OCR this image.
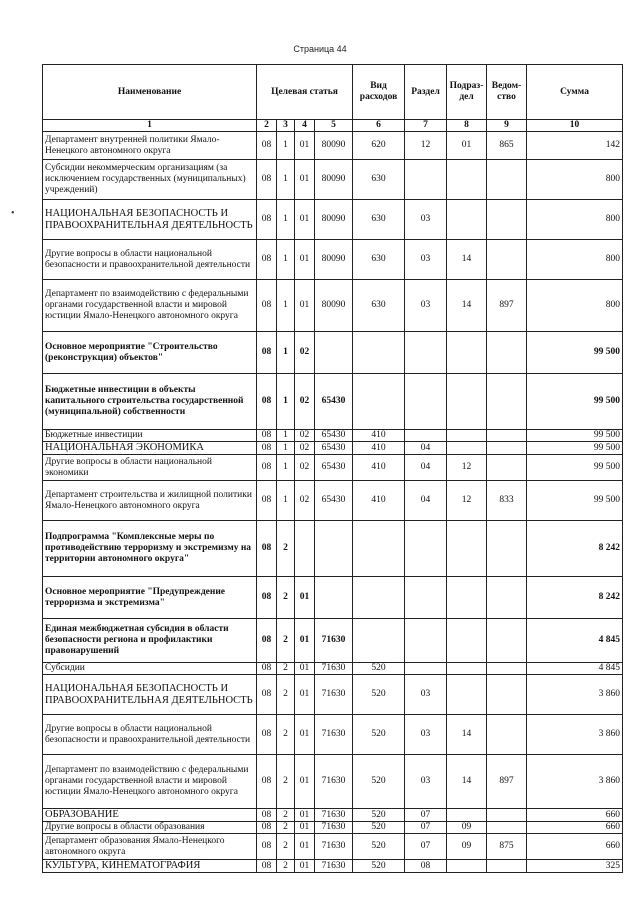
Страница 44
•
Наименование	Целевая статья				Вид расходов	Раздел	Подраз-дел	Ведом-ство	Сумма
1	2	3	4	5	6	7	8	9	10
Департамент внутренней политики Ямало-Ненецкого автономного округа	08	1	01	80090	620	12	01	865	142
Субсидии некоммерческим организациям (за исключением государственных (муниципальных) учреждений)	08	1	01	80090	630				800
НАЦИОНАЛЬНАЯ БЕЗОПАСНОСТЬ И ПРАВООХРАНИТЕЛЬНАЯ ДЕЯТЕЛЬНОСТЬ	08	1	01	80090	630	03			800
Другие вопросы в области национальной безопасности и правоохранительной деятельности	08	1	01	80090	630	03	14		800
Департамент по взаимодействию с федеральными органами государственной власти и мировой юстиции Ямало-Ненецкого автономного округа	08	1	01	80090	630	03	14	897	800
Основное мероприятие "Строительство (реконструкция) объектов"	08	1	02						99 500
Бюджетные инвестиции в объекты капитального строительства государственной (муниципальной) собственности	08	1	02	65430					99 500
Бюджетные инвестиции	08	1	02	65430	410				99 500
НАЦИОНАЛЬНАЯ ЭКОНОМИКА	08	1	02	65430	410	04			99 500
Другие вопросы в области национальной экономики	08	1	02	65430	410	04	12		99 500
Департамент строительства и жилищной политики Ямало-Ненецкого автономного округа	08	1	02	65430	410	04	12	833	99 500
Подпрограмма "Комплексные меры по противодействию терроризму и экстремизму на территории автономного округа"	08	2							8 242
Основное мероприятие "Предупреждение терроризма и экстремизма"	08	2	01						8 242
Единая межбюджетная субсидия в области безопасности региона и профилактики правонарушений	08	2	01	71630					4 845
Субсидии	08	2	01	71630	520				4 845
НАЦИОНАЛЬНАЯ БЕЗОПАСНОСТЬ И ПРАВООХРАНИТЕЛЬНАЯ ДЕЯТЕЛЬНОСТЬ	08	2	01	71630	520	03			3 860
Другие вопросы в области национальной безопасности и правоохранительной деятельности	08	2	01	71630	520	03	14		3 860
Департамент по взаимодействию с федеральными органами государственной власти и мировой юстиции Ямало-Ненецкого автономного округа	08	2	01	71630	520	03	14	897	3 860
ОБРАЗОВАНИЕ	08	2	01	71630	520	07			660
Другие вопросы в области образования	08	2	01	71630	520	07	09		660
Департамент образования Ямало-Ненецкого автономного округа	08	2	01	71630	520	07	09	875	660
КУЛЬТУРА, КИНЕМАТОГРАФИЯ	08	2	01	71630	520	08			325
